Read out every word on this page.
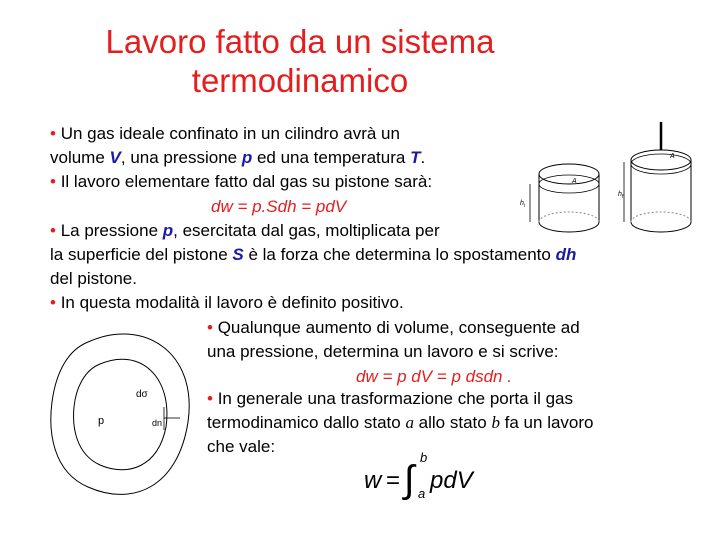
Lavoro fatto da un sistema
termodinamico
• Un gas ideale confinato in un cilindro avrà un
volume V, una pressione p ed una temperatura T.
• Il lavoro elementare fatto dal gas su pistone sarà:
dw = p.Sdh = pdV
• La pressione p, esercitata dal gas, moltiplicata per
la superficie del pistone S è la forza che determina lo spostamento dh
del pistone.
• In questa modalità il lavoro è definito positivo.
• Qualunque aumento di volume, conseguente ad
una pressione, determina un lavoro e si scrive:
dw = p dV = p dsdn .
• In generale una trasformazione che porta il gas
termodinamico dallo stato a allo stato b fa un lavoro
che vale:
w = ∫
b
a pdV
A
h i
A
h f
dσ
p	dn
